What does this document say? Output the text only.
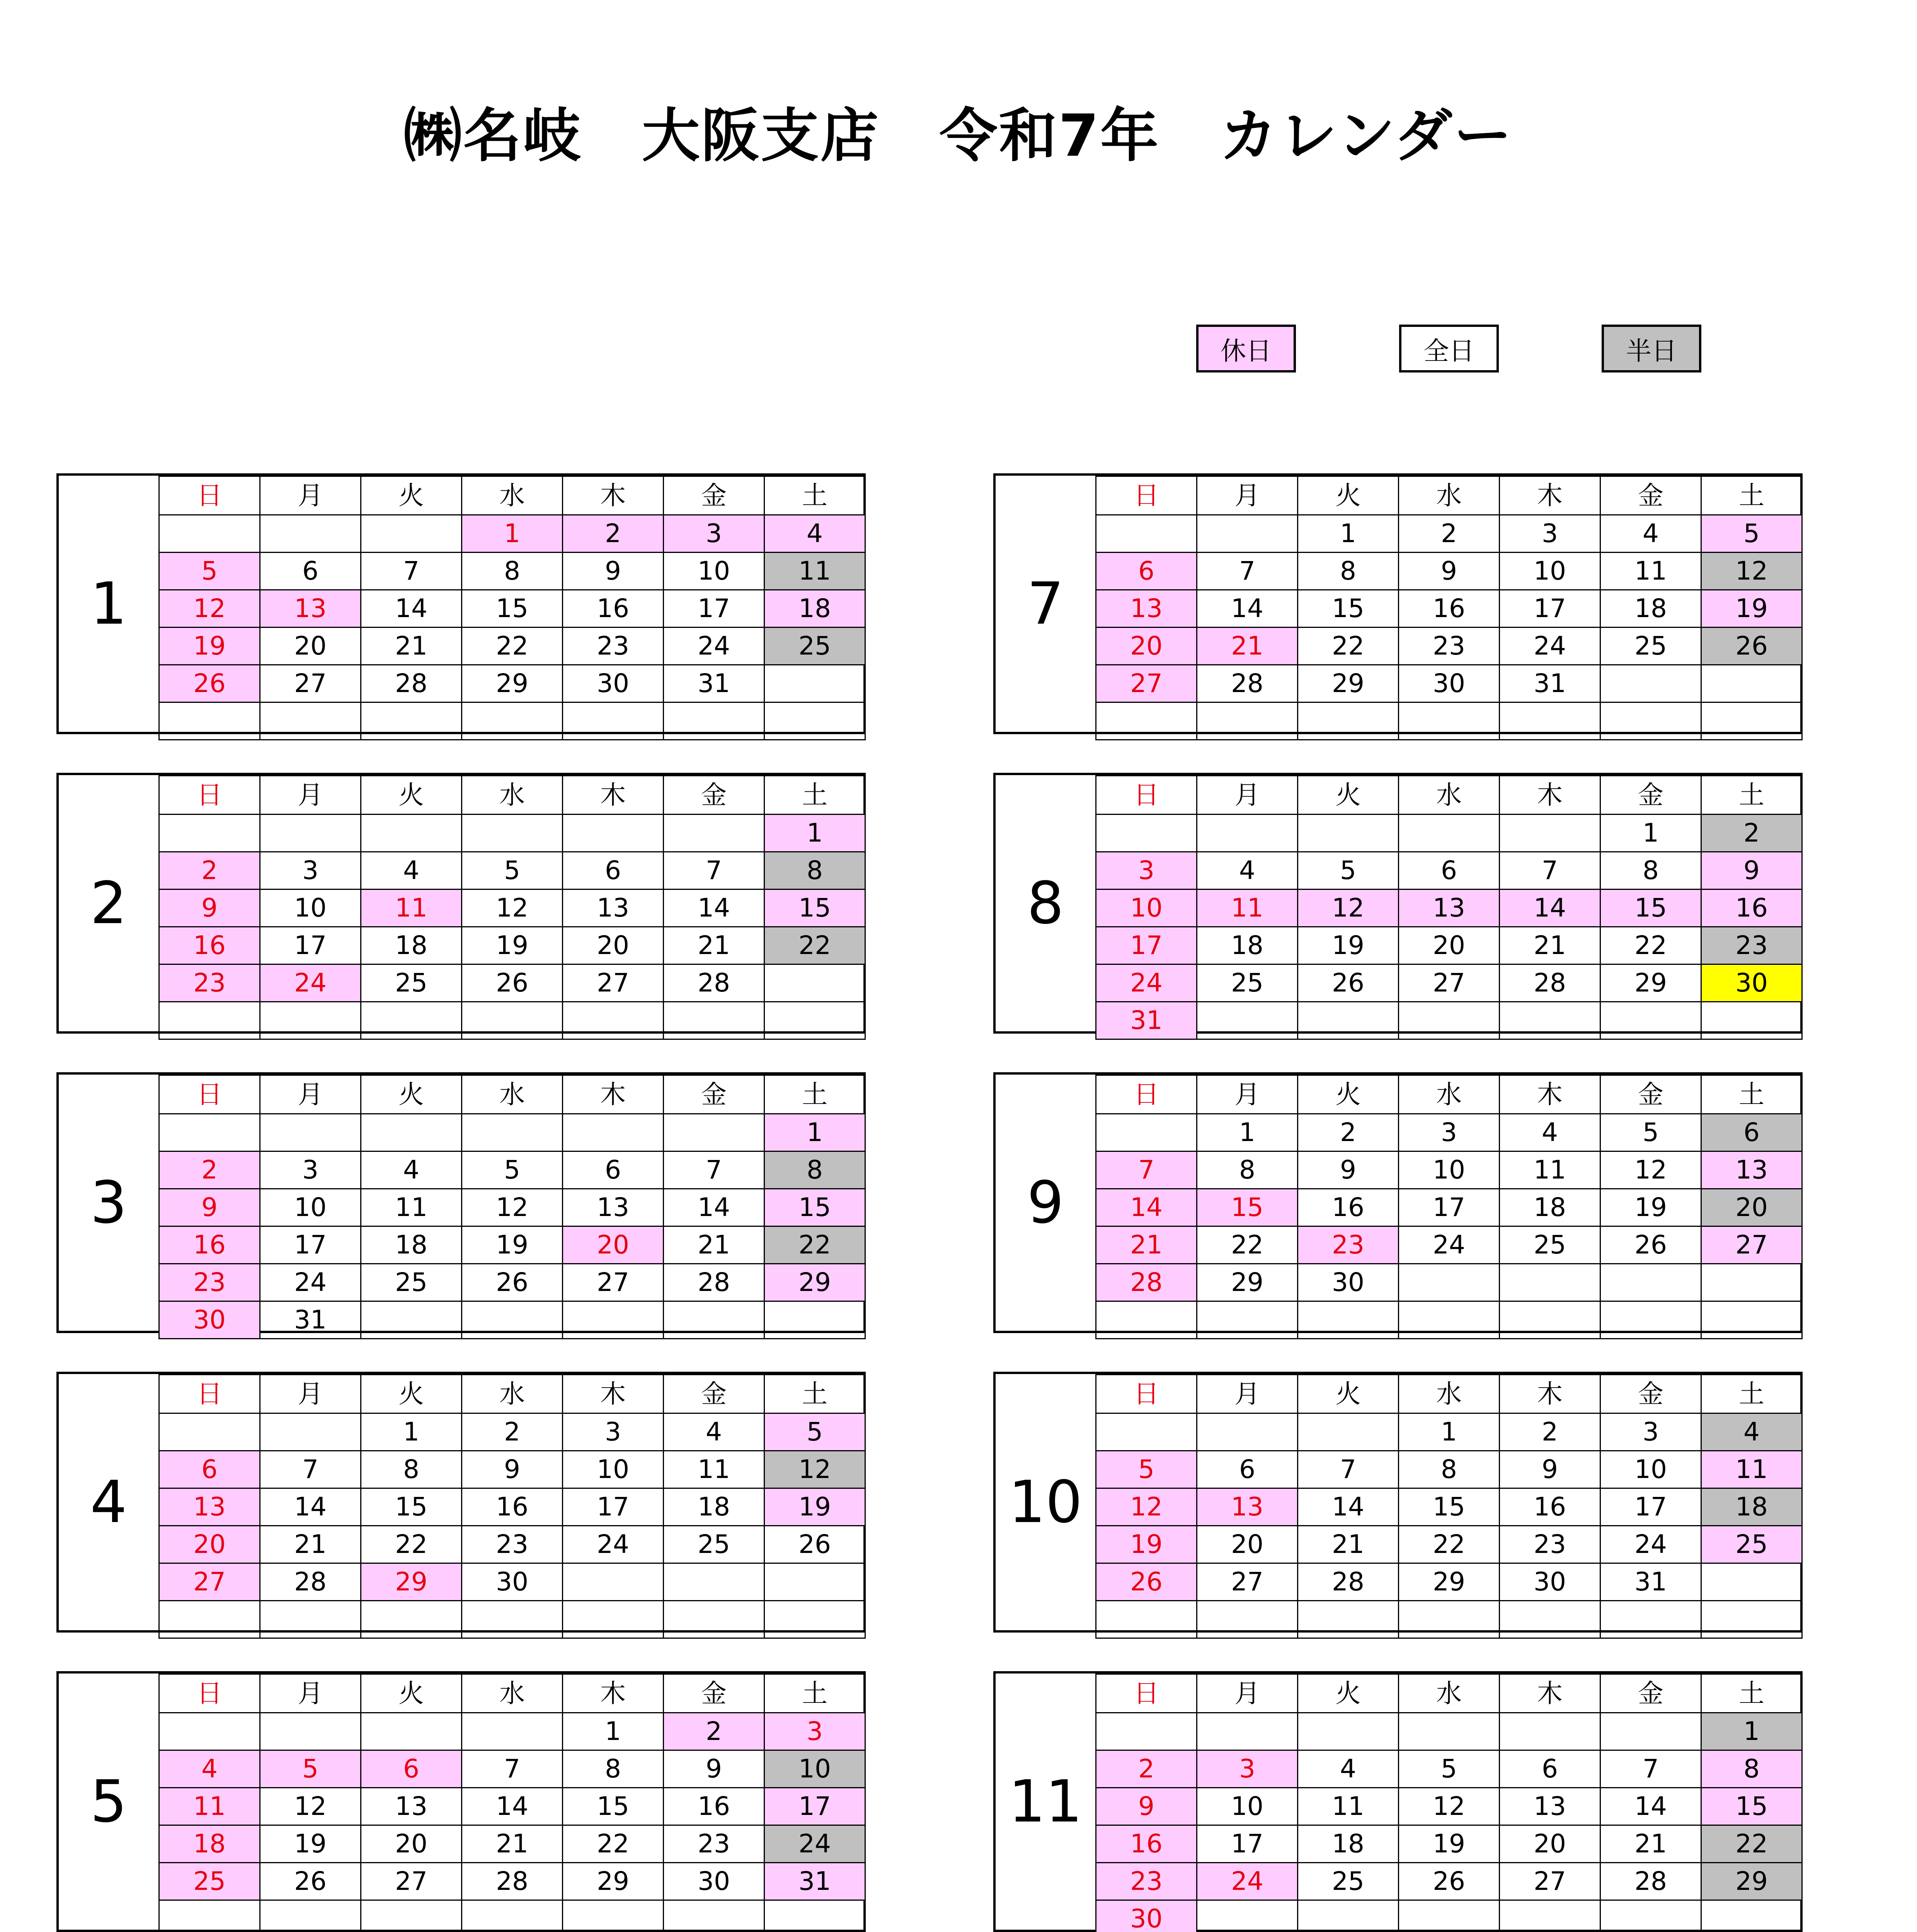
㈱名岐　大阪支店　令和7年　カレンダー
休日	全日	半日
1
日	月	火	水	木	金	土
			1	2	3	4
5	6	7	8	9	10	11
12	13	14	15	16	17	18
19	20	21	22	23	24	25
26	27	28	29	30	31	

2
日	月	火	水	木	金	土
						1
2	3	4	5	6	7	8
9	10	11	12	13	14	15
16	17	18	19	20	21	22
23	24	25	26	27	28	

3
日	月	火	水	木	金	土
						1
2	3	4	5	6	7	8
9	10	11	12	13	14	15
16	17	18	19	20	21	22
23	24	25	26	27	28	29
30	31					
4
日	月	火	水	木	金	土
		1	2	3	4	5
6	7	8	9	10	11	12
13	14	15	16	17	18	19
20	21	22	23	24	25	26
27	28	29	30			

5
日	月	火	水	木	金	土
				1	2	3
4	5	6	7	8	9	10
11	12	13	14	15	16	17
18	19	20	21	22	23	24
25	26	27	28	29	30	31

7
日	月	火	水	木	金	土
		1	2	3	4	5
6	7	8	9	10	11	12
13	14	15	16	17	18	19
20	21	22	23	24	25	26
27	28	29	30	31		

8
日	月	火	水	木	金	土
					1	2
3	4	5	6	7	8	9
10	11	12	13	14	15	16
17	18	19	20	21	22	23
24	25	26	27	28	29	30
31						
9
日	月	火	水	木	金	土
	1	2	3	4	5	6
7	8	9	10	11	12	13
14	15	16	17	18	19	20
21	22	23	24	25	26	27
28	29	30				

10
日	月	火	水	木	金	土
			1	2	3	4
5	6	7	8	9	10	11
12	13	14	15	16	17	18
19	20	21	22	23	24	25
26	27	28	29	30	31	

11
日	月	火	水	木	金	土
						1
2	3	4	5	6	7	8
9	10	11	12	13	14	15
16	17	18	19	20	21	22
23	24	25	26	27	28	29
30						
